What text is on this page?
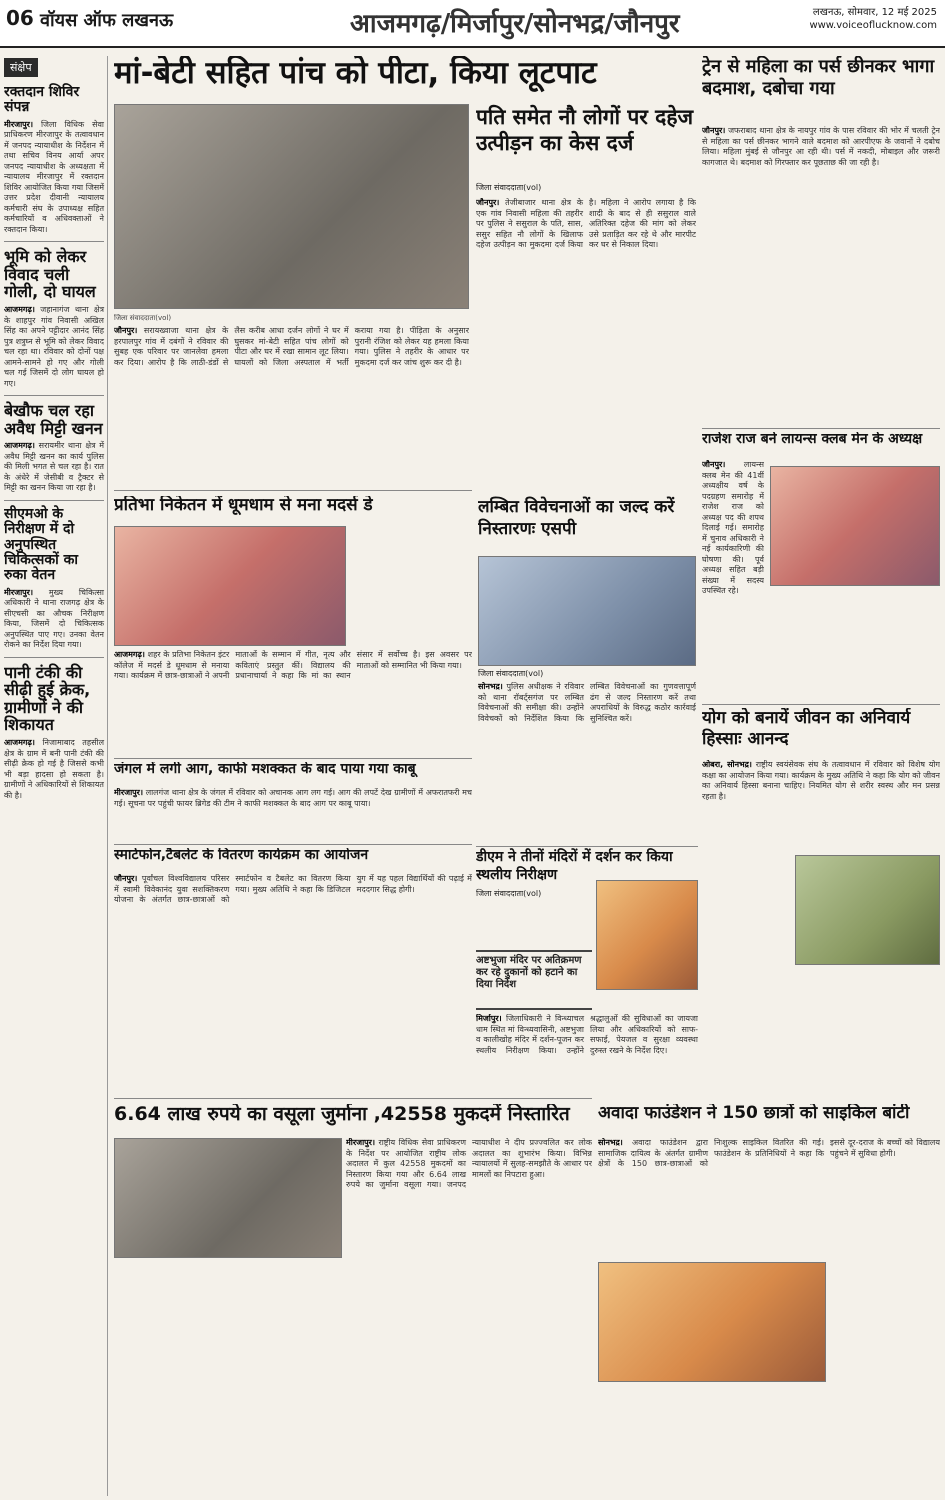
06 वॉयस ऑफ लखनऊ	आजमगढ़/मिर्जापुर/सोनभद्र/जौनपुर	लखनऊ, सोमवार, 12 मई 2025
www.voiceoflucknow.com
संक्षेप
रक्तदान शिविर संपन्न
मीरजापुर। जिला विधिक सेवा प्राधिकरण मीरजापुर के तत्वावधान में जनपद न्यायाधीश के निर्देशन में तथा सचिव विनय आर्या अपर जनपद न्यायाधीश के अध्यक्षता में न्यायालय मीरजापुर में रक्तदान शिविर आयोजित किया गया जिसमें उत्तर प्रदेश दीवानी न्यायालय कर्मचारी संघ के उपाध्यक्ष सहित कर्मचारियों व अधिवक्ताओं ने रक्तदान किया।
भूमि को लेकर विवाद चली गोली, दो घायल
आजमगढ़। जहानागंज थाना क्षेत्र के शाहपुर गांव निवासी अखिल सिंह का अपने पट्टीदार आनंद सिंह पुत्र शत्रुघ्न से भूमि को लेकर विवाद चल रहा था। रविवार को दोनों पक्ष आमने-सामने हो गए और गोली चल गई जिसमें दो लोग घायल हो गए।
बेखौफ चल रहा अवैध मिट्टी खनन
आजमगढ़। सरायमीर थाना क्षेत्र में अवैध मिट्टी खनन का कार्य पुलिस की मिली भगत से चल रहा है। रात के अंधेरे में जेसीबी व ट्रैक्टर से मिट्टी का खनन किया जा रहा है।
सीएमओ के निरीक्षण में दो अनुपस्थित चिकित्सकों का रुका वेतन
मीरजापुर। मुख्य चिकित्सा अधिकारी ने थाना राजगढ़ क्षेत्र के सीएचसी का औचक निरीक्षण किया, जिसमें दो चिकित्सक अनुपस्थित पाए गए। उनका वेतन रोकने का निर्देश दिया गया।
पानी टंकी की सीढ़ी हुई क्रेक, ग्रामीणों ने की शिकायत
आजमगढ़। निजामाबाद तहसील क्षेत्र के ग्राम में बनी पानी टंकी की सीढ़ी क्रेक हो गई है जिससे कभी भी बड़ा हादसा हो सकता है। ग्रामीणों ने अधिकारियों से शिकायत की है।
मां-बेटी सहित पांच को पीटा, किया लूटपाट
जिला संवाददाता(vol)
जौनपुर। सरायख्वाजा थाना क्षेत्र के हरपालपुर गांव में दबंगों ने रविवार की सुबह एक परिवार पर जानलेवा हमला कर दिया। आरोप है कि लाठी-डंडों से लैस करीब आधा दर्जन लोगों ने घर में घुसकर मां-बेटी सहित पांच लोगों को पीटा और घर में रखा सामान लूट लिया। घायलों को जिला अस्पताल में भर्ती कराया गया है। पीड़िता के अनुसार पुरानी रंजिश को लेकर यह हमला किया गया। पुलिस ने तहरीर के आधार पर मुकदमा दर्ज कर जांच शुरू कर दी है।
पति समेत नौ लोगों पर दहेज उत्पीड़न का केस दर्ज
जिला संवाददाता(vol)
जौनपुर। तेजीबाजार थाना क्षेत्र के एक गांव निवासी महिला की तहरीर पर पुलिस ने ससुराल के पति, सास, ससुर सहित नौ लोगों के खिलाफ दहेज उत्पीड़न का मुकदमा दर्ज किया है। महिला ने आरोप लगाया है कि शादी के बाद से ही ससुराल वाले अतिरिक्त दहेज की मांग को लेकर उसे प्रताड़ित कर रहे थे और मारपीट कर घर से निकाल दिया।
ट्रेन से महिला का पर्स छीनकर भागा बदमाश, दबोचा गया
जौनपुर। जफराबाद थाना क्षेत्र के नायपुर गांव के पास रविवार की भोर में चलती ट्रेन से महिला का पर्स छीनकर भागने वाले बदमाश को आरपीएफ के जवानों ने दबोच लिया। महिला मुंबई से जौनपुर आ रही थी। पर्स में नकदी, मोबाइल और जरूरी कागजात थे। बदमाश को गिरफ्तार कर पूछताछ की जा रही है।
राजेश राज बने लायन्स क्लब मेन के अध्यक्ष
जौनपुर। लायन्स क्लब मेन की 41वीं अध्यक्षीय वर्ष के पदग्रहण समारोह में राजेश राज को अध्यक्ष पद की शपथ दिलाई गई। समारोह में चुनाव अधिकारी ने नई कार्यकारिणी की घोषणा की। पूर्व अध्यक्ष सहित बड़ी संख्या में सदस्य उपस्थित रहे।
योग को बनायें जीवन का अनिवार्य हिस्साः आनन्द
ओबरा, सोनभद्र। राष्ट्रीय स्वयंसेवक संघ के तत्वावधान में रविवार को विशेष योग कक्षा का आयोजन किया गया। कार्यक्रम के मुख्य अतिथि ने कहा कि योग को जीवन का अनिवार्य हिस्सा बनाना चाहिए। नियमित योग से शरीर स्वस्थ और मन प्रसन्न रहता है।
प्रतिभा निकेतन में धूमधाम से मना मदर्स डे
आजमगढ़। शहर के प्रतिभा निकेतन इंटर कॉलेज में मदर्स डे धूमधाम से मनाया गया। कार्यक्रम में छात्र-छात्राओं ने अपनी माताओं के सम्मान में गीत, नृत्य और कविताएं प्रस्तुत कीं। विद्यालय की प्रधानाचार्या ने कहा कि मां का स्थान संसार में सर्वोच्च है। इस अवसर पर माताओं को सम्मानित भी किया गया।
लम्बित विवेचनाओं का जल्द करें निस्तारणः एसपी
जिला संवाददाता(vol)
सोनभद्र। पुलिस अधीक्षक ने रविवार को थाना रॉबर्ट्सगंज पर लम्बित विवेचनाओं की समीक्षा की। उन्होंने विवेचकों को निर्देशित किया कि लम्बित विवेचनाओं का गुणवत्तापूर्ण ढंग से जल्द निस्तारण करें तथा अपराधियों के विरुद्ध कठोर कार्रवाई सुनिश्चित करें।
जंगल में लगी आग, काफी मशक्कत के बाद पाया गया काबू
मीरजापुर। लालगंज थाना क्षेत्र के जंगल में रविवार को अचानक आग लग गई। आग की लपटें देख ग्रामीणों में अफरातफरी मच गई। सूचना पर पहुंची फायर ब्रिगेड की टीम ने काफी मशक्कत के बाद आग पर काबू पाया।
स्मार्टफोन,टैबलेट के वितरण कार्यक्रम का आयोजन
जौनपुर। पूर्वांचल विश्वविद्यालय परिसर में स्वामी विवेकानंद युवा सशक्तिकरण योजना के अंतर्गत छात्र-छात्राओं को स्मार्टफोन व टैबलेट का वितरण किया गया। मुख्य अतिथि ने कहा कि डिजिटल युग में यह पहल विद्यार्थियों की पढ़ाई में मददगार सिद्ध होगी।
डीएम ने तीनों मंदिरों में दर्शन कर किया स्थलीय निरीक्षण
जिला संवाददाता(vol)
अष्टभुजा मंदिर पर अतिक्रमण कर रहे दुकानों को हटाने का दिया निर्देश
मिर्जापुर। जिलाधिकारी ने विन्ध्याचल धाम स्थित मां विन्ध्यवासिनी, अष्टभुजा व कालीखोह मंदिर में दर्शन-पूजन कर स्थलीय निरीक्षण किया। उन्होंने श्रद्धालुओं की सुविधाओं का जायजा लिया और अधिकारियों को साफ-सफाई, पेयजल व सुरक्षा व्यवस्था दुरुस्त रखने के निर्देश दिए।
6.64 लाख रुपये का वसूला जुर्माना ,42558 मुकदमें निस्तारित
मीरजापुर। राष्ट्रीय विधिक सेवा प्राधिकरण के निर्देश पर आयोजित राष्ट्रीय लोक अदालत में कुल 42558 मुकदमों का निस्तारण किया गया और 6.64 लाख रुपये का जुर्माना वसूला गया। जनपद न्यायाधीश ने दीप प्रज्ज्वलित कर लोक अदालत का शुभारंभ किया। विभिन्न न्यायालयों में सुलह-समझौते के आधार पर मामलों का निपटारा हुआ।
अवादा फाउंडेशन ने 150 छात्रों को साइकिल बांटी
सोनभद्र। अवादा फाउंडेशन द्वारा सामाजिक दायित्व के अंतर्गत ग्रामीण क्षेत्रों के 150 छात्र-छात्राओं को निःशुल्क साइकिल वितरित की गई। फाउंडेशन के प्रतिनिधियों ने कहा कि इससे दूर-दराज के बच्चों को विद्यालय पहुंचने में सुविधा होगी।
